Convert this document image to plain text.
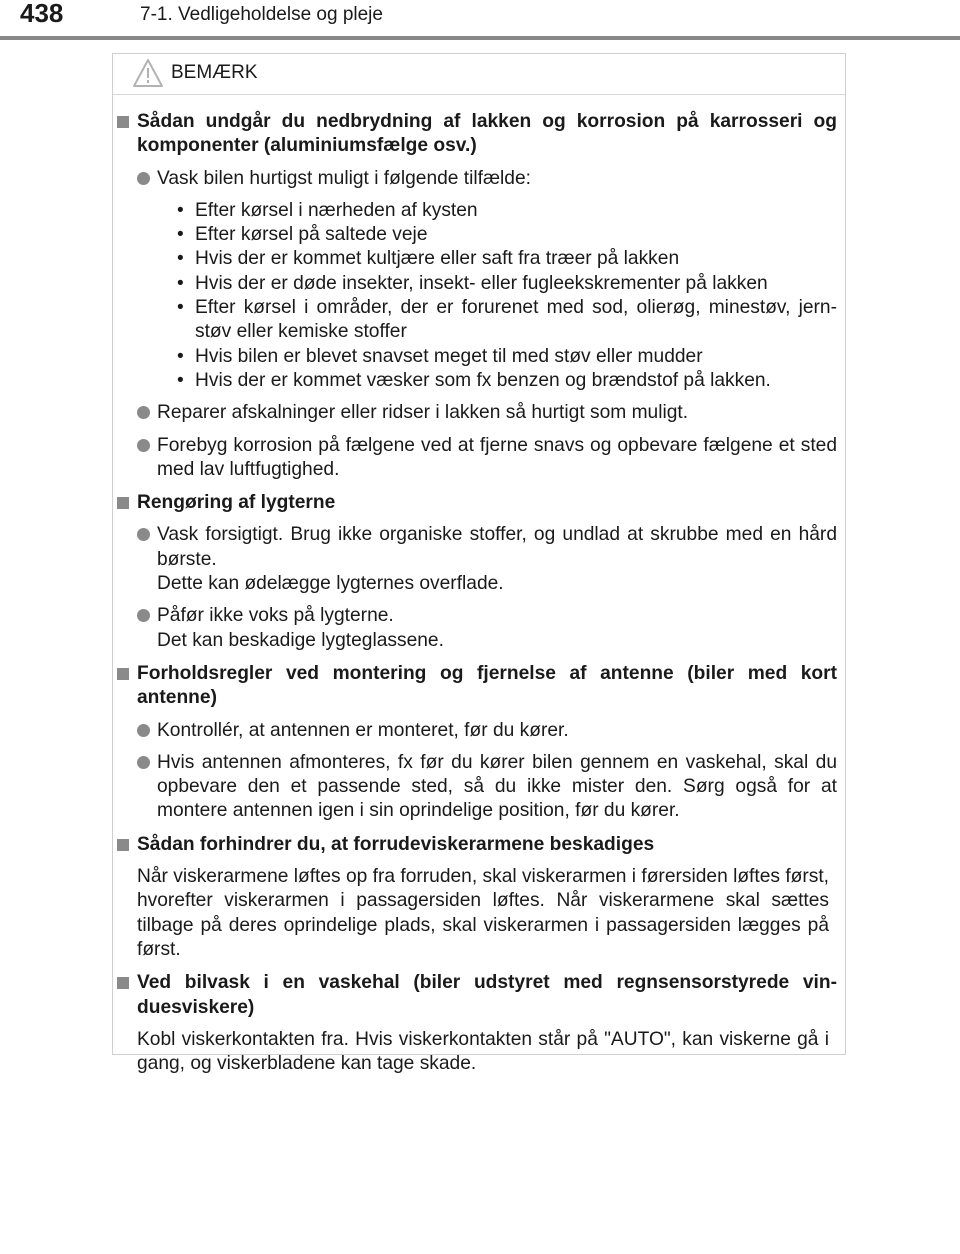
438	7-1. Vedligeholdelse og pleje
BEMÆRK
Sådan undgår du nedbrydning af lakken og korrosion på karrosseri og komponenter (aluminiumsfælge osv.)
Vask bilen hurtigst muligt i følgende tilfælde:
• Efter kørsel i nærheden af kysten
• Efter kørsel på saltede veje
• Hvis der er kommet kultjære eller saft fra træer på lakken
• Hvis der er døde insekter, insekt- eller fugleekskrementer på lakken
• Efter kørsel i områder, der er forurenet med sod, olierøg, minestøv, jern-støv eller kemiske stoffer
• Hvis bilen er blevet snavset meget til med støv eller mudder
• Hvis der er kommet væsker som fx benzen og brændstof på lakken.
Reparer afskalninger eller ridser i lakken så hurtigt som muligt.
Forebyg korrosion på fælgene ved at fjerne snavs og opbevare fælgene et sted med lav luftfugtighed.
Rengøring af lygterne
Vask forsigtigt. Brug ikke organiske stoffer, og undlad at skrubbe med en hård børste.
Dette kan ødelægge lygternes overflade.
Påfør ikke voks på lygterne.
Det kan beskadige lygteglassene.
Forholdsregler ved montering og fjernelse af antenne (biler med kort antenne)
Kontrollér, at antennen er monteret, før du kører.
Hvis antennen afmonteres, fx før du kører bilen gennem en vaskehal, skal du opbevare den et passende sted, så du ikke mister den. Sørg også for at montere antennen igen i sin oprindelige position, før du kører.
Sådan forhindrer du, at forrudeviskerarmene beskadiges
Når viskerarmene løftes op fra forruden, skal viskerarmen i førersiden løftes først, hvorefter viskerarmen i passagersiden løftes. Når viskerarmene skal sættes tilbage på deres oprindelige plads, skal viskerarmen i passagersiden lægges på først.
Ved bilvask i en vaskehal (biler udstyret med regnsensorstyrede vin-duesviskere)
Kobl viskerkontakten fra. Hvis viskerkontakten står på "AUTO", kan viskerne gå i gang, og viskerbladene kan tage skade.
